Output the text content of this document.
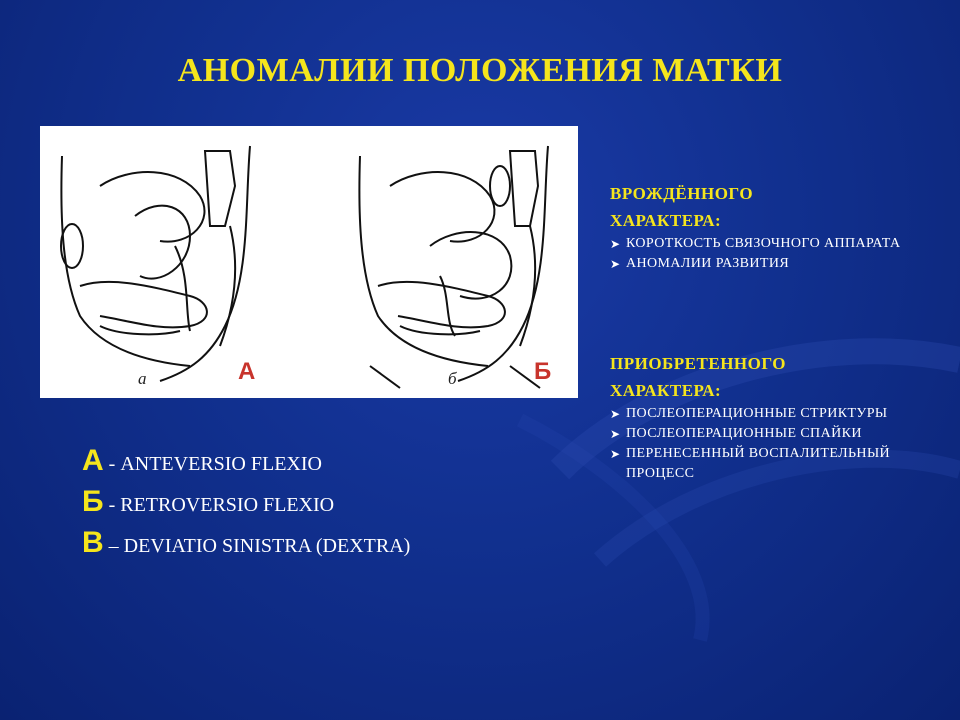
АНОМАЛИИ ПОЛОЖЕНИЯ МАТКИ
а	А	б	Б
А - ANTEVERSIO FLEXIO
Б - RETROVERSIO FLEXIO
В – DEVIATIO SINISTRA (DEXTRA)
ВРОЖДЁННОГО
ХАРАКТЕРА:
➤ КОРОТКОСТЬ СВЯЗОЧНОГО АППАРАТА
➤ АНОМАЛИИ РАЗВИТИЯ
ПРИОБРЕТЕННОГО
ХАРАКТЕРА:
➤ ПОСЛЕОПЕРАЦИОННЫЕ СТРИКТУРЫ
➤ ПОСЛЕОПЕРАЦИОННЫЕ СПАЙКИ
➤ ПЕРЕНЕСЕННЫЙ ВОСПАЛИТЕЛЬНЫЙ ПРОЦЕСС
